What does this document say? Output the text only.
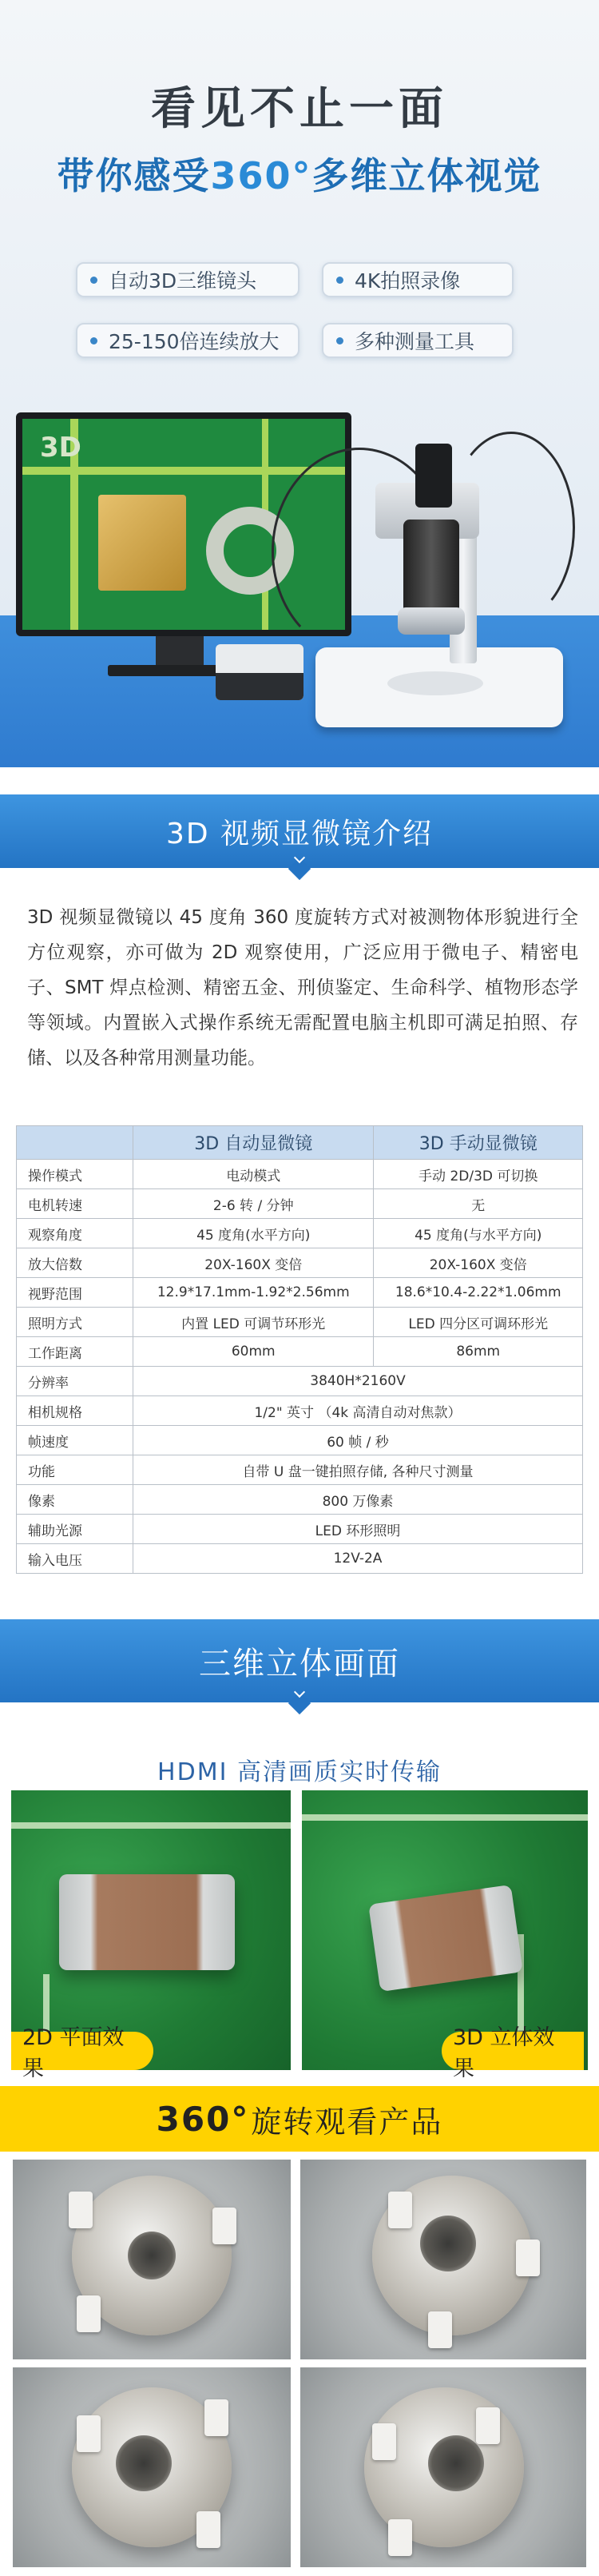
看见不止一面
带你感受360°多维立体视觉
自动3D三维镜头	4K拍照录像
25-150倍连续放大	多种测量工具
3D
3D 视频显微镜介绍
3D 视频显微镜以 45 度角 360 度旋转方式对被测物体形貌进行全方位观察，亦可做为 2D 观察使用，广泛应用于微电子、精密电子、SMT 焊点检测、精密五金、刑侦鉴定、生命科学、植物形态学等领域。内置嵌入式操作系统无需配置电脑主机即可满足拍照、存储、以及各种常用测量功能。
	3D 自动显微镜	3D 手动显微镜
操作模式	电动模式	手动 2D/3D 可切换
电机转速	2-6 转 / 分钟	无
观察角度	45 度角(水平方向)	45 度角(与水平方向)
放大倍数	20X-160X 变倍	20X-160X 变倍
视野范围	12.9*17.1mm-1.92*2.56mm	18.6*10.4-2.22*1.06mm
照明方式	内置 LED 可调节环形光	LED 四分区可调环形光
工作距离	60mm	86mm
分辨率	3840H*2160V	
相机规格	1/2" 英寸 （4k 高清自动对焦款）	
帧速度	60 帧 / 秒	
功能	自带 U 盘一键拍照存储, 各种尺寸测量	
像素	800 万像素	
辅助光源	LED 环形照明	
输入电压	12V-2A	
三维立体画面
HDMI 高清画质实时传输
2D 平面效果
3D 立体效果
360° 旋转观看产品
